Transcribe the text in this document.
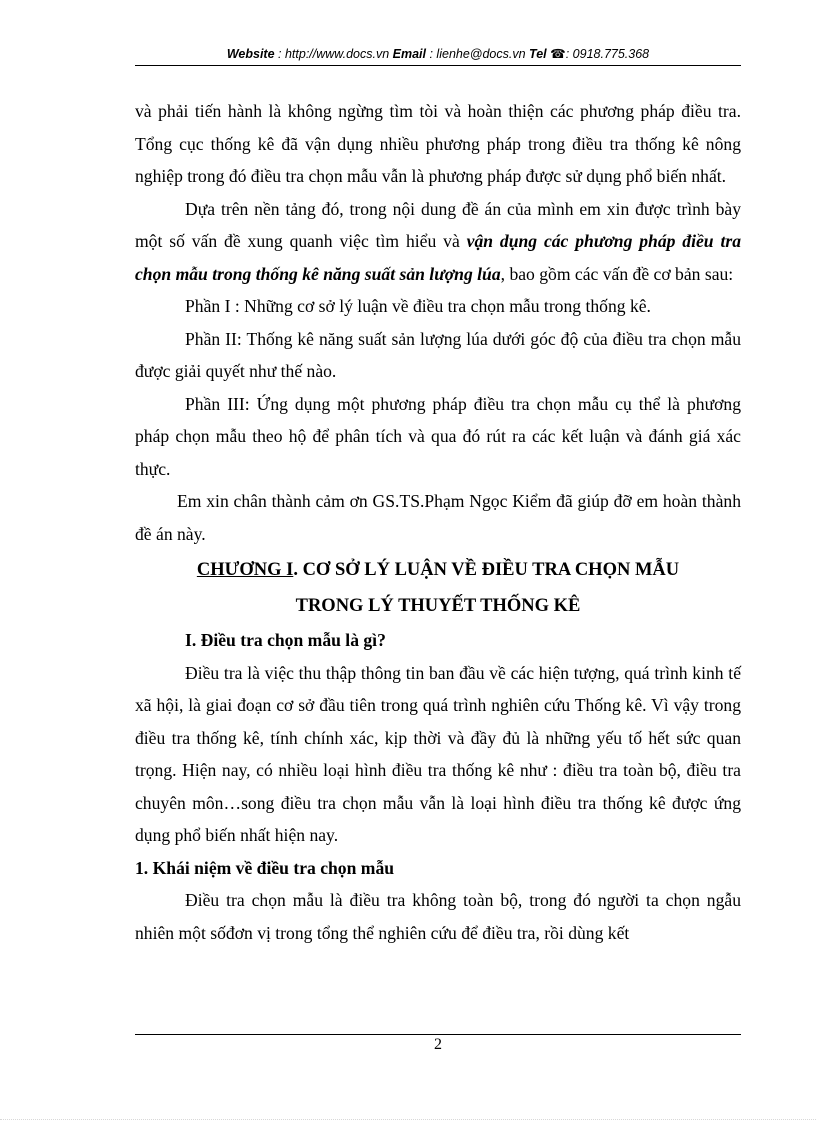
Website : http://www.docs.vn Email : lienhe@docs.vn Tel ☎: 0918.775.368

và phải tiến hành là không ngừng tìm tòi và hoàn thiện các phương pháp điều tra. Tổng cục thống kê đã vận dụng nhiều phương pháp trong điều tra thống kê nông nghiệp trong đó điều tra chọn mẫu vẫn là phương pháp được sử dụng phổ biến nhất.

Dựa trên nền tảng đó, trong nội dung đề án của mình em xin được trình bày một số vấn đề xung quanh việc tìm hiểu và vận dụng các phương pháp điều tra chọn mẫu trong thống kê năng suất sản lượng lúa, bao gồm các vấn đề cơ bản sau:

Phần I : Những cơ sở lý luận về điều tra chọn mẫu trong thống kê.

Phần II: Thống kê năng suất sản lượng lúa dưới góc độ của điều tra chọn mẫu được giải quyết như thế nào.

Phần III: Ứng dụng một phương pháp điều tra chọn mẫu cụ thể là phương pháp chọn mẫu theo hộ để phân tích và qua đó rút ra các kết luận và đánh giá xác thực.

Em xin chân thành cảm ơn GS.TS.Phạm Ngọc Kiểm đã giúp đỡ em hoàn thành đề án này.

CHƯƠNG I. CƠ SỞ LÝ LUẬN VỀ ĐIỀU TRA CHỌN MẪU
TRONG LÝ THUYẾT THỐNG KÊ

I. Điều tra chọn mẫu là gì?

Điều tra là việc thu thập thông tin ban đầu về các hiện tượng, quá trình kinh tế xã hội, là giai đoạn cơ sở đầu tiên trong quá trình nghiên cứu Thống kê. Vì vậy trong điều tra thống kê, tính chính xác, kịp thời và đầy đủ là những yếu tố hết sức quan trọng. Hiện nay, có nhiều loại hình điều tra thống kê như : điều tra toàn bộ, điều tra chuyên môn…song điều tra chọn mẫu vẫn là loại hình điều tra thống kê được ứng dụng phổ biến nhất hiện nay.

1. Khái niệm về điều tra chọn mẫu

Điều tra chọn mẫu là điều tra không toàn bộ, trong đó người ta chọn ngẫu nhiên một sốđơn vị trong tổng thể nghiên cứu để điều tra, rồi dùng kết

2
